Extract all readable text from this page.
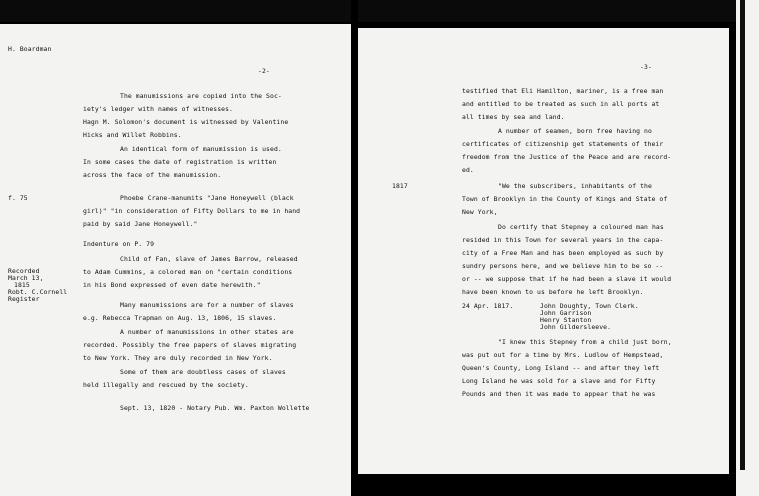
H. Boardman
-2-
The manumissions are copied into the Soc-
iety's ledger with names of witnesses.
Hagn M. Solomon's document is witnessed by Valentine
Hicks and Willet Robbins.
An identical form of manumission is used.
In some cases the date of registration is written
across the face of the manumission.
f. 75	Phoebe Crane-manumits "Jane Honeywell (black
girl)" "in consideration of Fifty Dollars to me in hand
paid by said Jane Honeywell."
Indenture on P. 79
Child of Fan, slave of James Barrow, released
to Adam Cummins, a colored man on "certain conditions
in his Bond expressed of even date herewith."
Recorded
March 13,
1815
Robt. C.Cornell
Register
Many manumissions are for a number of slaves
e.g. Rebecca Trapman on Aug. 13, 1806, 15 slaves.
A number of manumissions in other states are
recorded. Possibly the free papers of slaves migrating
to New York. They are duly recorded in New York.
Some of them are doubtless cases of slaves
held illegally and rescued by the society.
Sept. 13, 1820 - Notary Pub. Wm. Paxton Wollette
-3-
testified that Eli Hamilton, mariner, is a free man
and entitled to be treated as such in all ports at
all times by sea and land.
A number of seamen, born free having no
certificates of citizenship get statements of their
freedom from the Justice of the Peace and are record-
ed.
1817	"We the subscribers, inhabitants of the
Town of Brooklyn in the County of Kings and State of
New York,
Do certify that Stepney a coloured man has
resided in this Town for several years in the capa-
city of a Free Man and has been employed as such by
sundry persons here, and we believe him to be so --
or -- we suppose that if he had been a slave it would
have been known to us before he left Brooklyn.
24 Apr. 1817.	John Doughty, Town Clerk.
John Garrison
Henry Stanton
John Gildersleeve.
"I knew this Stepney from a child just born,
was put out for a time by Mrs. Ludlow of Hempstead,
Queen's County, Long Island -- and after they left
Long Island he was sold for a slave and for Fifty
Pounds and then it was made to appear that he was
